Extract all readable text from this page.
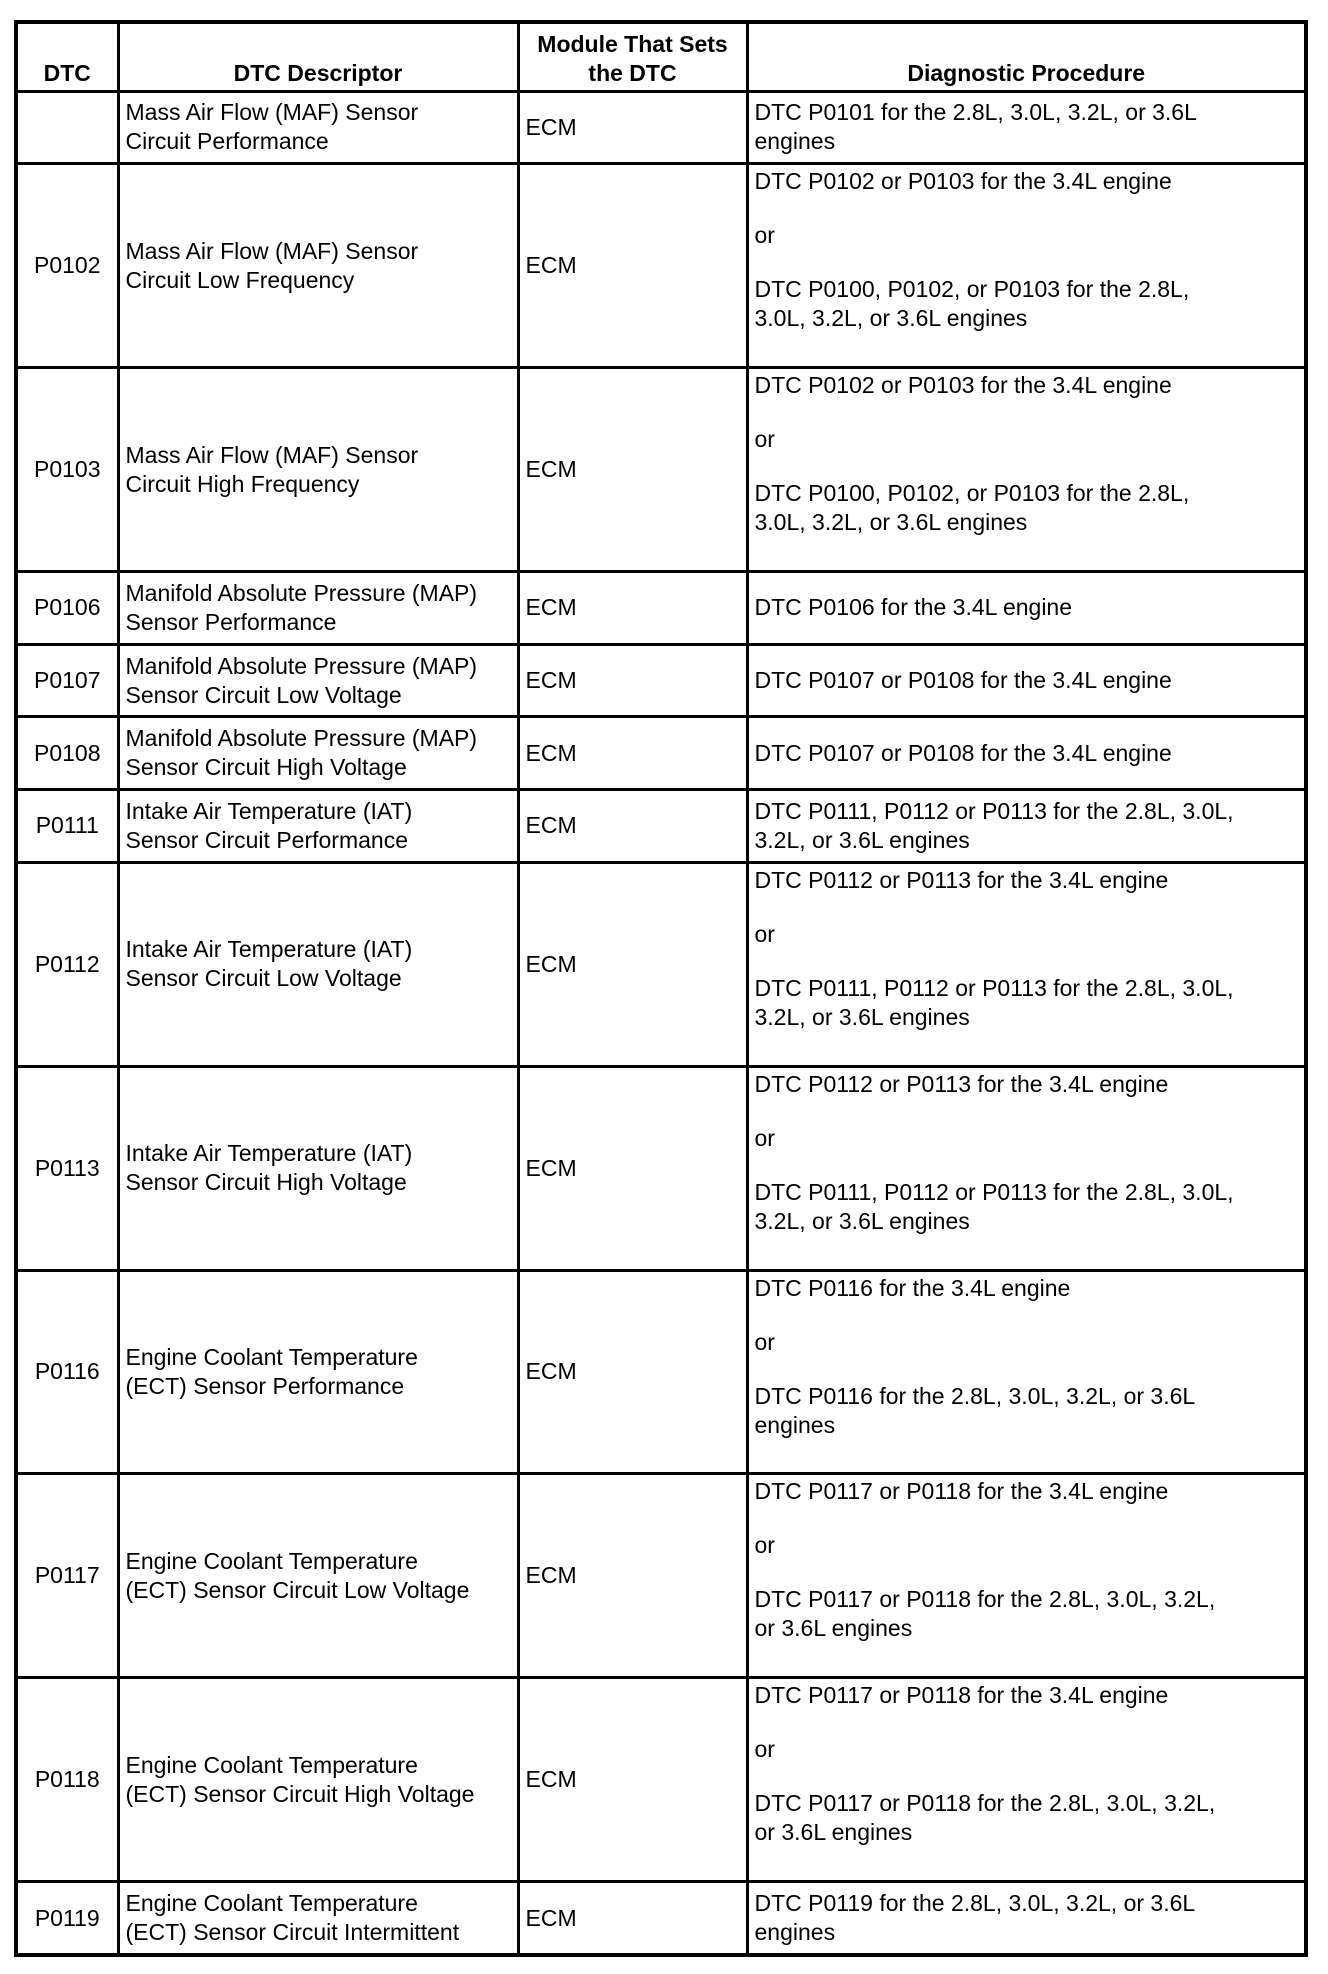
DTC	DTC Descriptor	Module That Sets
the DTC	Diagnostic Procedure

	Mass Air Flow (MAF) Sensor
Circuit Performance	ECM	DTC P0101 for the 2.8L, 3.0L, 3.2L, or 3.6L
engines

P0102	Mass Air Flow (MAF) Sensor
Circuit Low Frequency	ECM	DTC P0102 or P0103 for the 3.4L engine
or
DTC P0100, P0102, or P0103 for the 2.8L,
3.0L, 3.2L, or 3.6L engines

P0103	Mass Air Flow (MAF) Sensor
Circuit High Frequency	ECM	DTC P0102 or P0103 for the 3.4L engine
or
DTC P0100, P0102, or P0103 for the 2.8L,
3.0L, 3.2L, or 3.6L engines

P0106	Manifold Absolute Pressure (MAP)
Sensor Performance	ECM	DTC P0106 for the 3.4L engine

P0107	Manifold Absolute Pressure (MAP)
Sensor Circuit Low Voltage	ECM	DTC P0107 or P0108 for the 3.4L engine

P0108	Manifold Absolute Pressure (MAP)
Sensor Circuit High Voltage	ECM	DTC P0107 or P0108 for the 3.4L engine

P0111	Intake Air Temperature (IAT)
Sensor Circuit Performance	ECM	DTC P0111, P0112 or P0113 for the 2.8L, 3.0L,
3.2L, or 3.6L engines

P0112	Intake Air Temperature (IAT)
Sensor Circuit Low Voltage	ECM	DTC P0112 or P0113 for the 3.4L engine
or
DTC P0111, P0112 or P0113 for the 2.8L, 3.0L,
3.2L, or 3.6L engines

P0113	Intake Air Temperature (IAT)
Sensor Circuit High Voltage	ECM	DTC P0112 or P0113 for the 3.4L engine
or
DTC P0111, P0112 or P0113 for the 2.8L, 3.0L,
3.2L, or 3.6L engines

P0116	Engine Coolant Temperature
(ECT) Sensor Performance	ECM	DTC P0116 for the 3.4L engine
or
DTC P0116 for the 2.8L, 3.0L, 3.2L, or 3.6L
engines

P0117	Engine Coolant Temperature
(ECT) Sensor Circuit Low Voltage	ECM	DTC P0117 or P0118 for the 3.4L engine
or
DTC P0117 or P0118 for the 2.8L, 3.0L, 3.2L,
or 3.6L engines

P0118	Engine Coolant Temperature
(ECT) Sensor Circuit High Voltage	ECM	DTC P0117 or P0118 for the 3.4L engine
or
DTC P0117 or P0118 for the 2.8L, 3.0L, 3.2L,
or 3.6L engines

P0119	Engine Coolant Temperature
(ECT) Sensor Circuit Intermittent	ECM	DTC P0119 for the 2.8L, 3.0L, 3.2L, or 3.6L
engines
